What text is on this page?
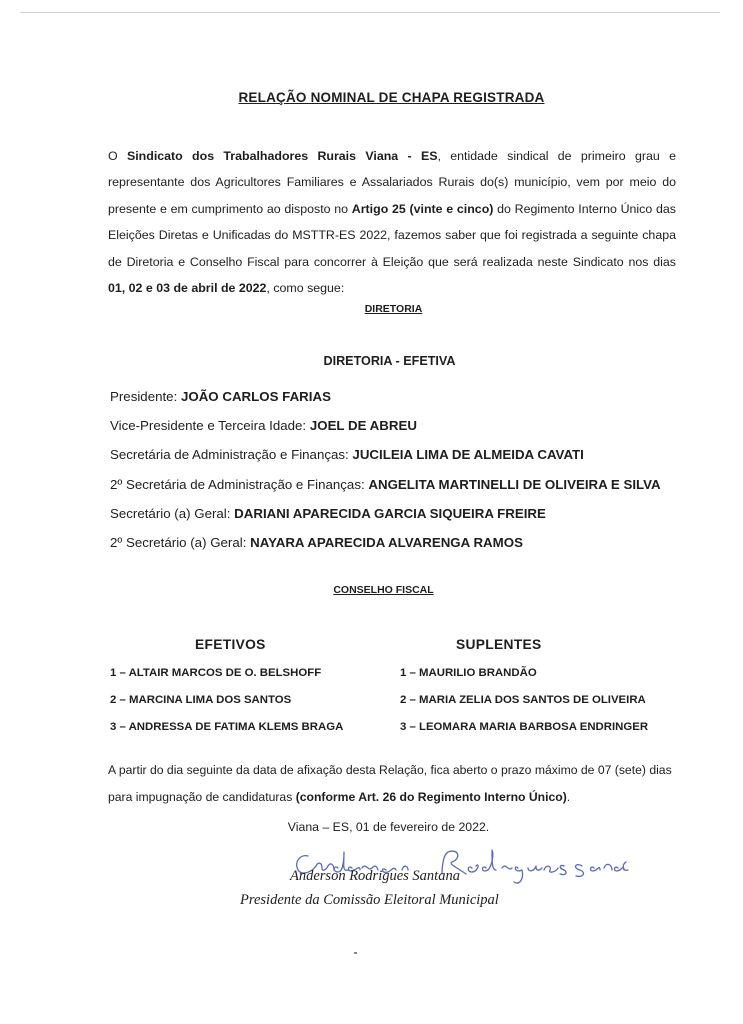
RELAÇÃO NOMINAL DE CHAPA REGISTRADA
O Sindicato dos Trabalhadores Rurais Viana - ES, entidade sindical de primeiro grau e representante dos Agricultores Familiares e Assalariados Rurais do(s) município, vem por meio do presente e em cumprimento ao disposto no Artigo 25 (vinte e cinco) do Regimento Interno Único das Eleições Diretas e Unificadas do MSTTR-ES 2022, fazemos saber que foi registrada a seguinte chapa de Diretoria e Conselho Fiscal para concorrer à Eleição que será realizada neste Sindicato nos dias 01, 02 e 03 de abril de 2022, como segue:
DIRETORIA
DIRETORIA - EFETIVA
Presidente: JOÃO CARLOS FARIAS
Vice-Presidente e Terceira Idade: JOEL DE ABREU
Secretária de Administração e Finanças: JUCILEIA LIMA DE ALMEIDA CAVATI
2º Secretária de Administração e Finanças: ANGELITA MARTINELLI DE OLIVEIRA E SILVA
Secretário (a) Geral: DARIANI APARECIDA GARCIA SIQUEIRA FREIRE
2º Secretário (a) Geral: NAYARA APARECIDA ALVARENGA RAMOS
CONSELHO FISCAL
EFETIVOS	SUPLENTES
1 – ALTAIR MARCOS DE O. BELSHOFF
2 – MARCINA LIMA DOS SANTOS
3 – ANDRESSA DE FATIMA KLEMS BRAGA
1 – MAURILIO BRANDÃO
2 – MARIA ZELIA DOS SANTOS DE OLIVEIRA
3 – LEOMARA MARIA BARBOSA ENDRINGER
A partir do dia seguinte da data de afixação desta Relação, fica aberto o prazo máximo de 07 (sete) dias para impugnação de candidaturas (conforme Art. 26 do Regimento Interno Único).
Viana – ES, 01 de fevereiro de 2022.
Anderson Rodrigues Santana
Presidente da Comissão Eleitoral Municipal
